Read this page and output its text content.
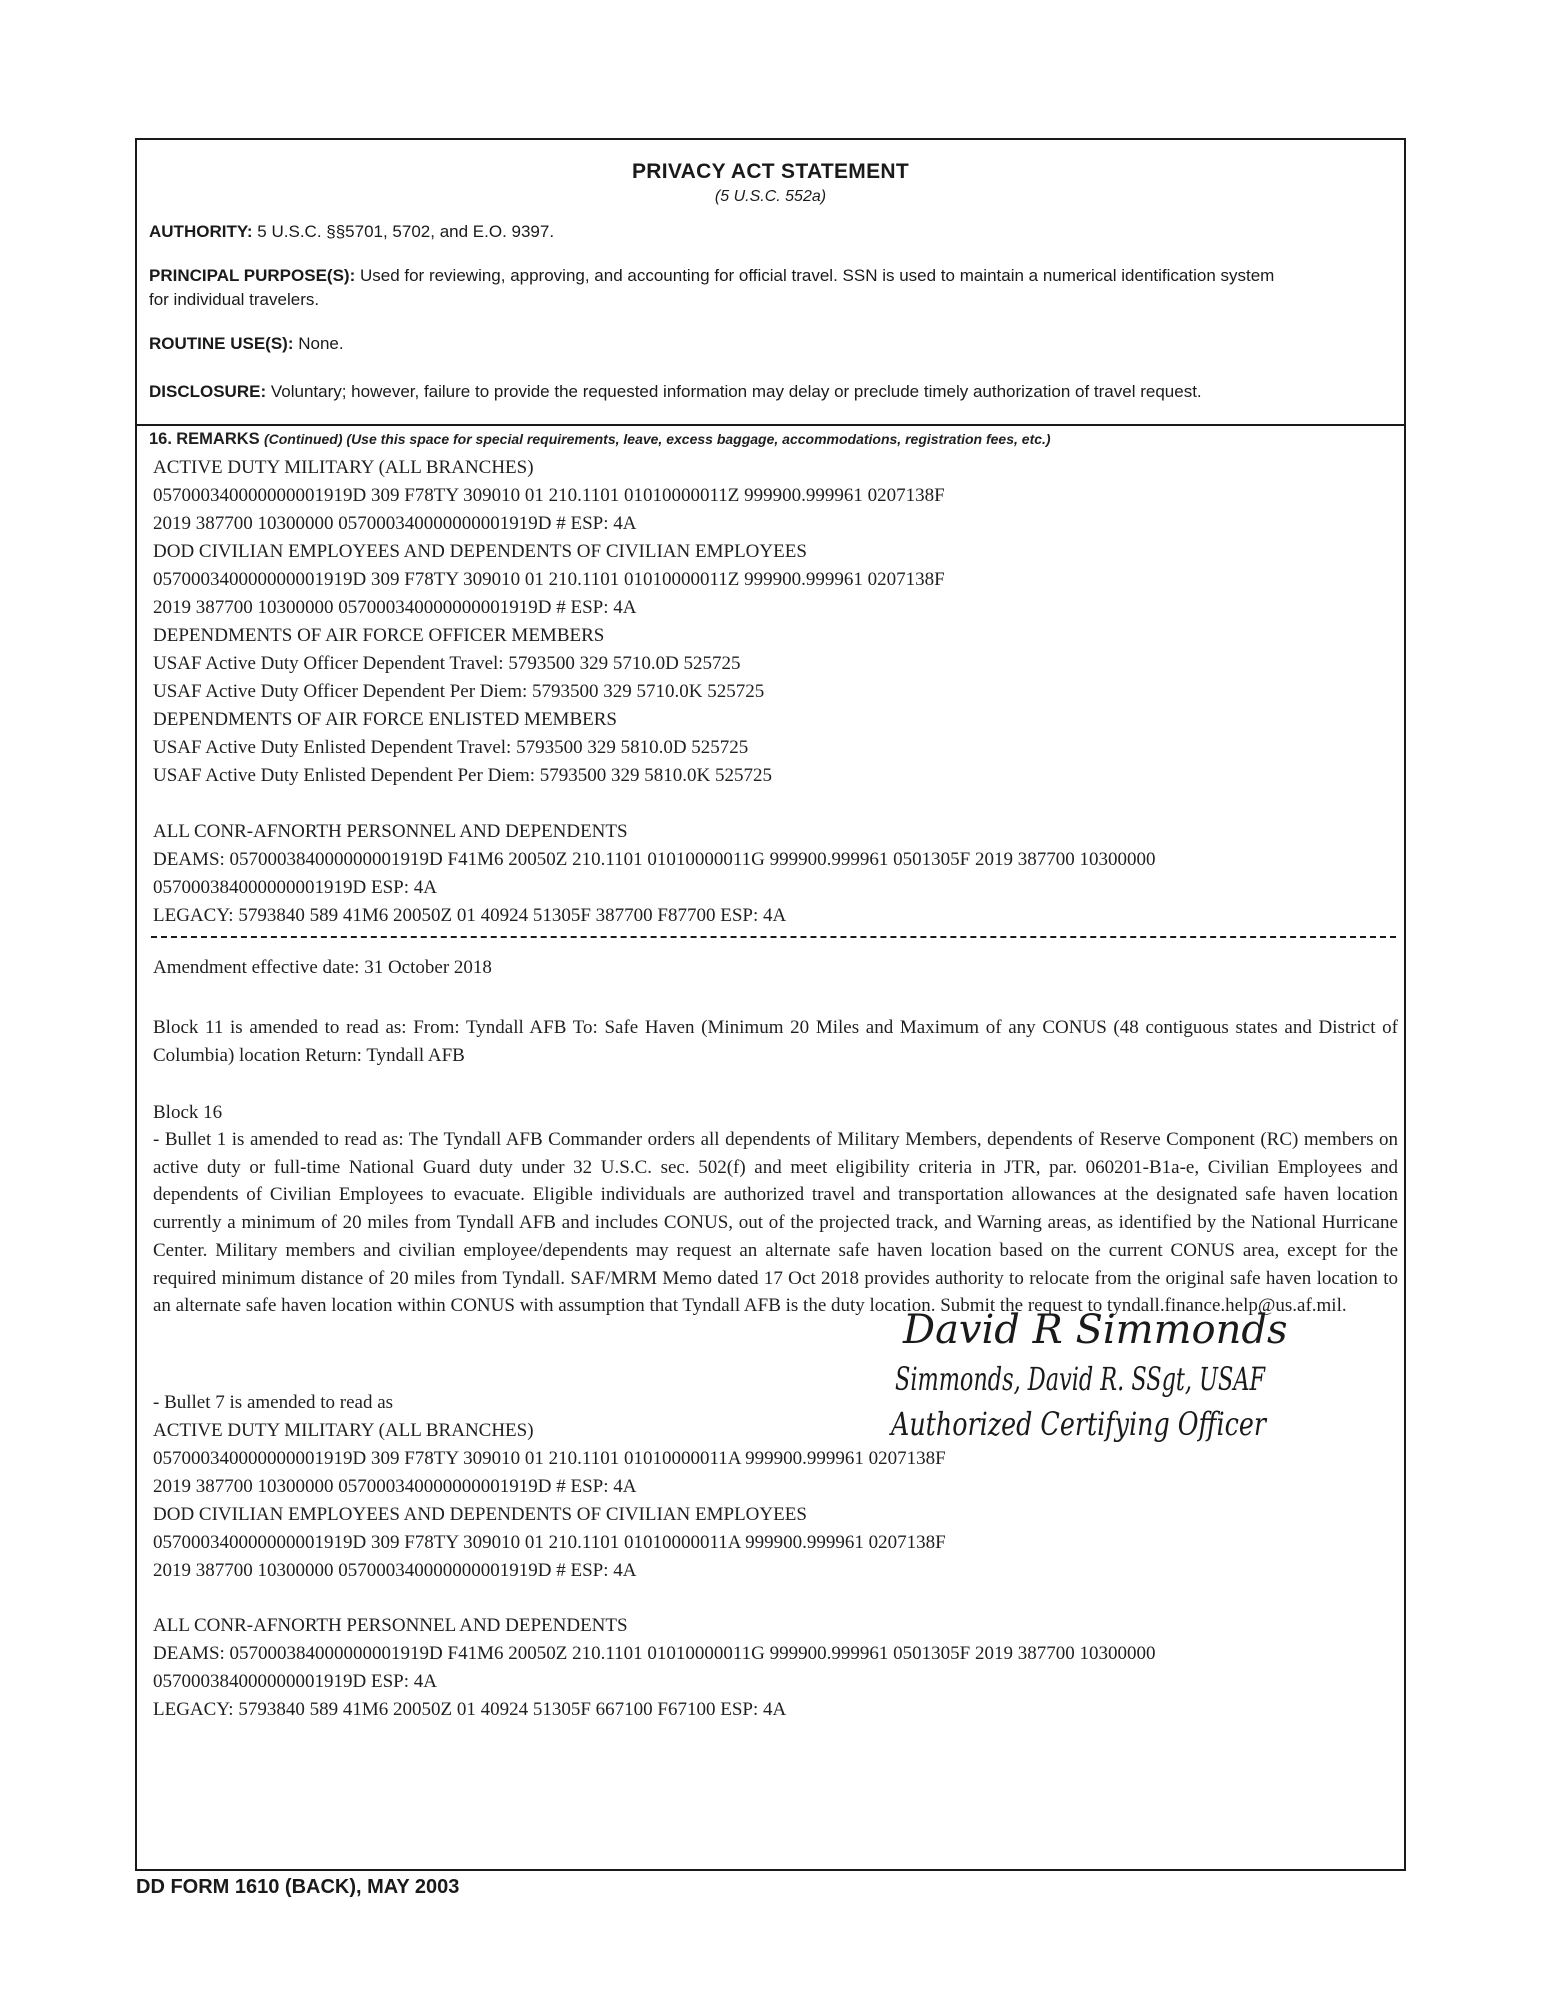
PRIVACY ACT STATEMENT
(5 U.S.C. 552a)
AUTHORITY: 5 U.S.C. §§5701, 5702, and E.O. 9397.
PRINCIPAL PURPOSE(S): Used for reviewing, approving, and accounting for official travel. SSN is used to maintain a numerical identification system
for individual travelers.
ROUTINE USE(S): None.
DISCLOSURE: Voluntary; however, failure to provide the requested information may delay or preclude timely authorization of travel request.
16. REMARKS (Continued) (Use this space for special requirements, leave, excess baggage, accommodations, registration fees, etc.)
ACTIVE DUTY MILITARY (ALL BRANCHES)
057000340000000001919D 309 F78TY 309010 01 210.1101 01010000011Z 999900.999961 0207138F
2019 387700 10300000 057000340000000001919D # ESP: 4A
DOD CIVILIAN EMPLOYEES AND DEPENDENTS OF CIVILIAN EMPLOYEES
057000340000000001919D 309 F78TY 309010 01 210.1101 01010000011Z 999900.999961 0207138F
2019 387700 10300000 057000340000000001919D # ESP: 4A
DEPENDMENTS OF AIR FORCE OFFICER MEMBERS
USAF Active Duty Officer Dependent Travel: 5793500 329 5710.0D 525725
USAF Active Duty Officer Dependent Per Diem: 5793500 329 5710.0K 525725
DEPENDMENTS OF AIR FORCE ENLISTED MEMBERS
USAF Active Duty Enlisted Dependent Travel: 5793500 329 5810.0D 525725
USAF Active Duty Enlisted Dependent Per Diem: 5793500 329 5810.0K 525725
ALL CONR-AFNORTH PERSONNEL AND DEPENDENTS
DEAMS: 057000384000000001919D F41M6 20050Z 210.1101 01010000011G 999900.999961 0501305F 2019 387700 10300000
057000384000000001919D ESP: 4A
LEGACY: 5793840 589 41M6 20050Z 01 40924 51305F 387700 F87700 ESP: 4A
Amendment effective date: 31 October 2018
Block 11 is amended to read as: From: Tyndall AFB To: Safe Haven (Minimum 20 Miles and Maximum of any CONUS (48 contiguous states and District of Columbia) location Return: Tyndall AFB
Block 16
- Bullet 1 is amended to read as: The Tyndall AFB Commander orders all dependents of Military Members, dependents of Reserve Component (RC) members on active duty or full-time National Guard duty under 32 U.S.C. sec. 502(f) and meet eligibility criteria in JTR, par. 060201-B1a-e, Civilian Employees and dependents of Civilian Employees to evacuate. Eligible individuals are authorized travel and transportation allowances at the designated safe haven location currently a minimum of 20 miles from Tyndall AFB and includes CONUS, out of the projected track, and Warning areas, as identified by the National Hurricane Center. Military members and civilian employee/dependents may request an alternate safe haven location based on the current CONUS area, except for the required minimum distance of 20 miles from Tyndall. SAF/MRM Memo dated 17 Oct 2018 provides authority to relocate from the original safe haven location to an alternate safe haven location within CONUS with assumption that Tyndall AFB is the duty location. Submit the request to tyndall.finance.help@us.af.mil.
- Bullet 7 is amended to read as
ACTIVE DUTY MILITARY (ALL BRANCHES)
057000340000000001919D 309 F78TY 309010 01 210.1101 01010000011A 999900.999961 0207138F
2019 387700 10300000 057000340000000001919D # ESP: 4A
DOD CIVILIAN EMPLOYEES AND DEPENDENTS OF CIVILIAN EMPLOYEES
057000340000000001919D 309 F78TY 309010 01 210.1101 01010000011A 999900.999961 0207138F
2019 387700 10300000 057000340000000001919D # ESP: 4A
ALL CONR-AFNORTH PERSONNEL AND DEPENDENTS
DEAMS: 057000384000000001919D F41M6 20050Z 210.1101 01010000011G 999900.999961 0501305F 2019 387700 10300000
057000384000000001919D ESP: 4A
LEGACY: 5793840 589 41M6 20050Z 01 40924 51305F 667100 F67100 ESP: 4A
David R Simmonds
Simmonds, David R. SSgt, USAF
Authorized Certifying Officer
DD FORM 1610 (BACK), MAY 2003
